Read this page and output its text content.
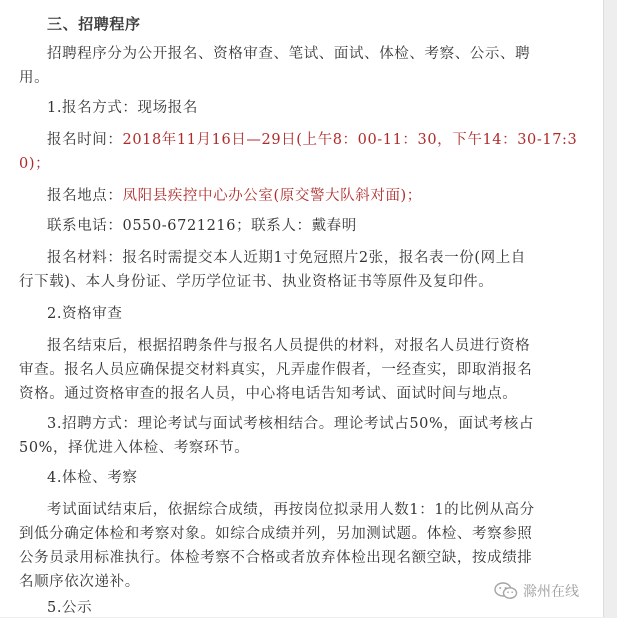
三、招聘程序
招聘程序分为公开报名、资格审查、笔试、面试、体检、考察、公示、聘
用。
1.报名方式：现场报名
报名时间：2018年11月16日—29日(上午8：00-11：30，下午14：30-17:3
0)；
报名地点：凤阳县疾控中心办公室(原交警大队斜对面)；
联系电话：0550-6721216；联系人：戴春明
报名材料：报名时需提交本人近期1寸免冠照片2张，报名表一份(网上自
行下载)、本人身份证、学历学位证书、执业资格证书等原件及复印件。
2.资格审查
报名结束后，根据招聘条件与报名人员提供的材料，对报名人员进行资格
审查。报名人员应确保提交材料真实，凡弄虚作假者，一经查实，即取消报名
资格。通过资格审查的报名人员，中心将电话告知考试、面试时间与地点。
3.招聘方式：理论考试与面试考核相结合。理论考试占50%，面试考核占
50%，择优进入体检、考察环节。
4.体检、考察
考试面试结束后，依据综合成绩，再按岗位拟录用人数1：1的比例从高分
到低分确定体检和考察对象。如综合成绩并列，另加测试题。体检、考察参照
公务员录用标准执行。体检考察不合格或者放弃体检出现名额空缺，按成绩排
名顺序依次递补。
5.公示
滁州在线
